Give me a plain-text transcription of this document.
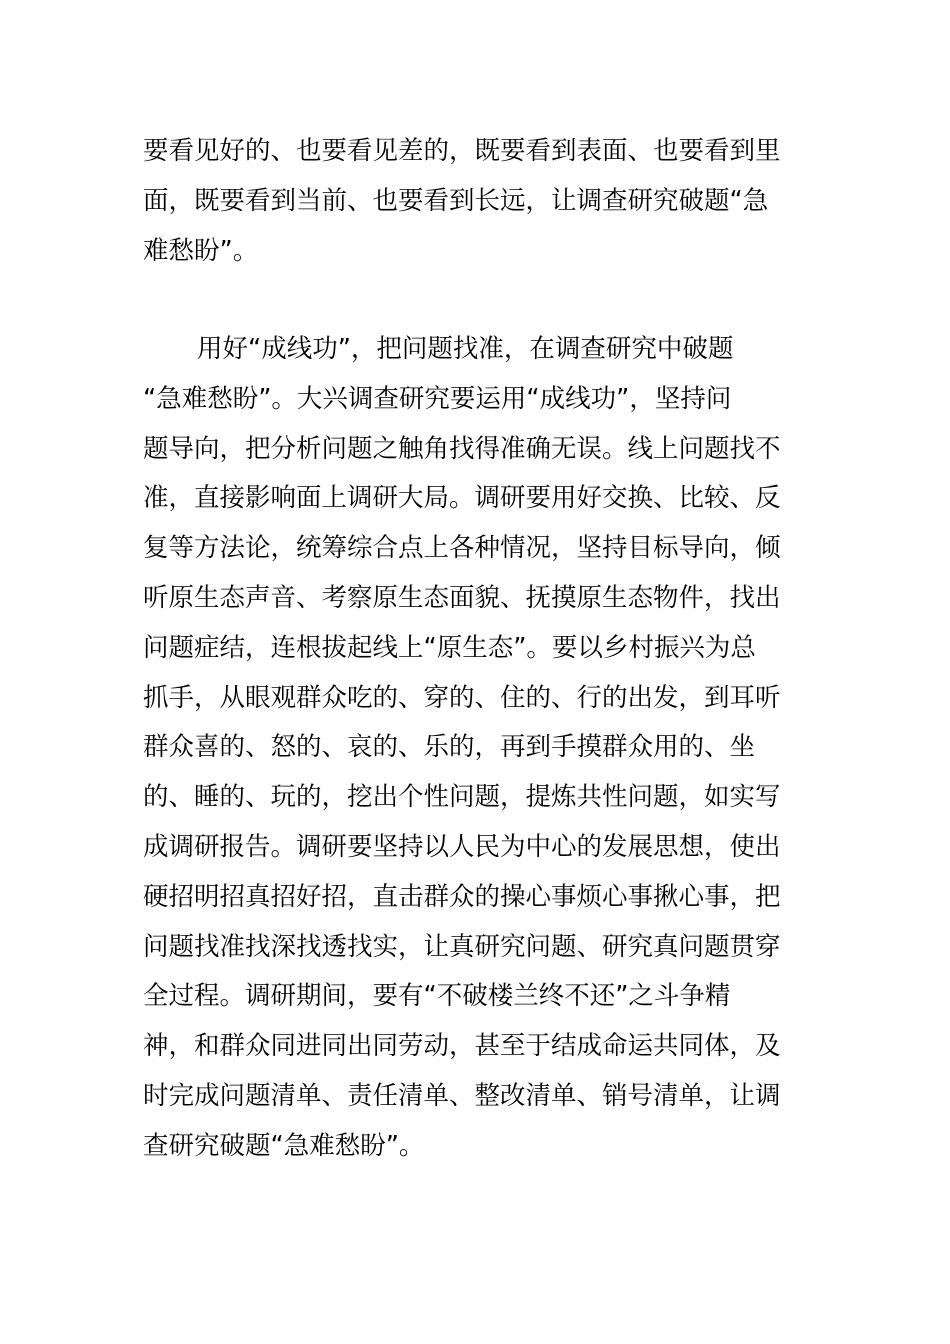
要看见好的、也要看见差的，既要看到表面、也要看到里
面，既要看到当前、也要看到长远，让调查研究破题“急
难愁盼”。
用好“成线功”，把问题找准，在调查研究中破题
“急难愁盼”。大兴调查研究要运用“成线功”，坚持问
题导向，把分析问题之触角找得准确无误。线上问题找不
准，直接影响面上调研大局。调研要用好交换、比较、反
复等方法论，统筹综合点上各种情况，坚持目标导向，倾
听原生态声音、考察原生态面貌、抚摸原生态物件，找出
问题症结，连根拔起线上“原生态”。要以乡村振兴为总
抓手，从眼观群众吃的、穿的、住的、行的出发，到耳听
群众喜的、怒的、哀的、乐的，再到手摸群众用的、坐
的、睡的、玩的，挖出个性问题，提炼共性问题，如实写
成调研报告。调研要坚持以人民为中心的发展思想，使出
硬招明招真招好招，直击群众的操心事烦心事揪心事，把
问题找准找深找透找实，让真研究问题、研究真问题贯穿
全过程。调研期间，要有“不破楼兰终不还”之斗争精
神，和群众同进同出同劳动，甚至于结成命运共同体，及
时完成问题清单、责任清单、整改清单、销号清单，让调
查研究破题“急难愁盼”。
